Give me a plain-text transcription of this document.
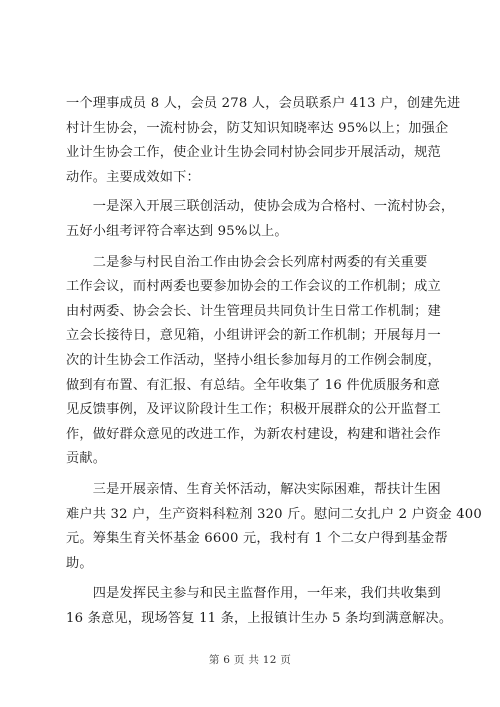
一个理事成员 8 人，会员 278 人，会员联系户 413 户，创建先进
村计生协会，一流村协会，防艾知识知晓率达 95%以上；加强企
业计生协会工作，使企业计生协会同村协会同步开展活动，规范
动作。主要成效如下：

　　一是深入开展三联创活动，使协会成为合格村、一流村协会，
五好小组考评符合率达到 95%以上。

　　二是参与村民自治工作由协会会长列席村两委的有关重要
工作会议，而村两委也要参加协会的工作会议的工作机制；成立
由村两委、协会会长、计生管理员共同负计生日常工作机制；建
立会长接待日，意见箱，小组讲评会的新工作机制；开展每月一
次的计生协会工作活动，坚持小组长参加每月的工作例会制度，
做到有布置、有汇报、有总结。全年收集了 16 件优质服务和意
见反馈事例，及评议阶段计生工作；积极开展群众的公开监督工
作，做好群众意见的改进工作，为新农村建设，构建和谐社会作
贡献。

　　三是开展亲情、生育关怀活动，解决实际困难，帮扶计生困
难户共 32 户，生产资料科粒剂 320 斤。慰问二女扎户 2 户资金 400
元。筹集生育关怀基金 6600 元，我村有 1 个二女户得到基金帮
助。

　　四是发挥民主参与和民主监督作用，一年来，我们共收集到
16 条意见，现场答复 11 条，上报镇计生办 5 条均到满意解决。

第 6 页 共 12 页
